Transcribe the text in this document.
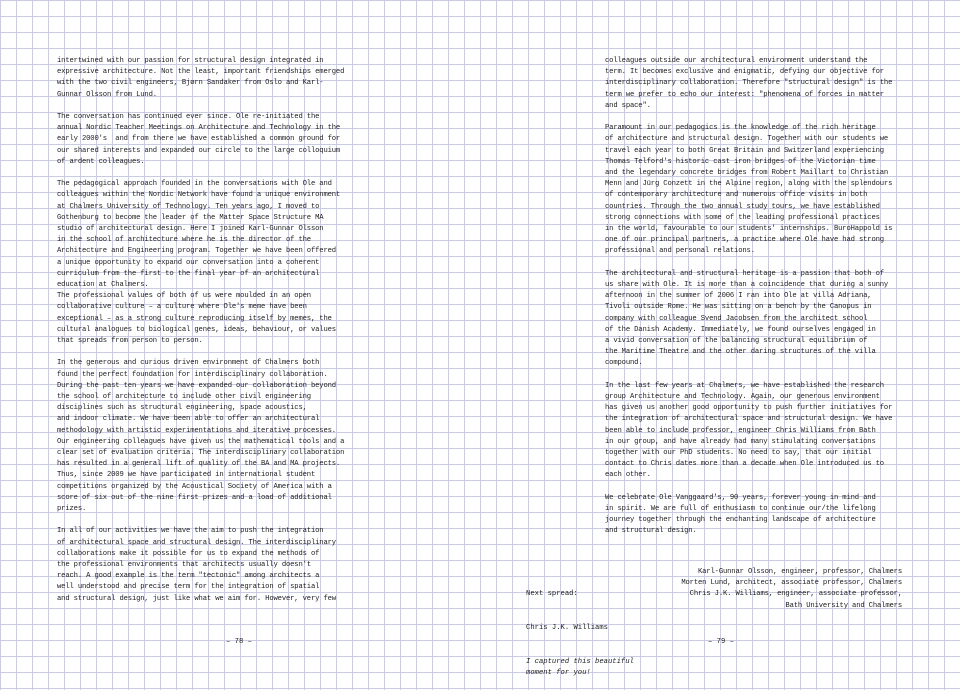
intertwined with our passion for structural design integrated in
expressive architecture. Not the least, important friendships emerged
with the two civil engineers, Bjørn Sandaker from Oslo and Karl-
Gunnar Olsson from Lund.

The conversation has continued ever since. Ole re-initiated the
annual Nordic Teacher Meetings on Architecture and Technology in the
early 2000's  and from there we have established a common ground for
our shared interests and expanded our circle to the large colloquium
of ardent colleagues.

The pedagogical approach founded in the conversations with Ole and
colleagues within the Nordic Network have found a unique environment
at Chalmers University of Technology. Ten years ago, I moved to
Gothenburg to become the leader of the Matter Space Structure MA
studio of architectural design. Here I joined Karl-Gunnar Olsson
in the school of architecture where he is the director of the
Architecture and Engineering program. Together we have been offered
a unique opportunity to expand our conversation into a coherent
curriculum from the first to the final year of an architectural
education at Chalmers.
The professional values of both of us were moulded in an open
collaborative culture – a culture where Ole's meme have been
exceptional – as a strong culture reproducing itself by memes, the
cultural analogues to biological genes, ideas, behaviour, or values
that spreads from person to person.

In the generous and curious driven environment of Chalmers both
found the perfect foundation for interdisciplinary collaboration.
During the past ten years we have expanded our collaboration beyond
the school of architecture to include other civil engineering
disciplines such as structural engineering, space acoustics,
and indoor climate. We have been able to offer an architectural
methodology with artistic experimentations and iterative processes.
Our engineering colleagues have given us the mathematical tools and a
clear set of evaluation criteria. The interdisciplinary collaboration
has resulted in a general lift of quality of the BA and MA projects.
Thus, since 2009 we have participated in international student
competitions organized by the Acoustical Society of America with a
score of six out of the nine first prizes and a load of additional
prizes.

In all of our activities we have the aim to push the integration
of architectural space and structural design. The interdisciplinary
collaborations make it possible for us to expand the methods of
the professional environments that architects usually doesn't
reach. A good example is the term "tectonic" among architects a
well understood and precise term for the integration of spatial
and structural design, just like what we aim for. However, very few

colleagues outside our architectural environment understand the
term. It becomes exclusive and enigmatic, defying our objective for
interdisciplinary collaboration. Therefore "structural design" is the
term we prefer to echo our interest: "phenomena of forces in matter
and space".

Paramount in our pedagogics is the knowledge of the rich heritage
of architecture and structural design. Together with our students we
travel each year to both Great Britain and Switzerland experiencing
Thomas Telford's historic cast iron bridges of the Victorian time
and the legendary concrete bridges from Robert Maillart to Christian
Menn and Jürg Conzett in the Alpine region, along with the splendours
of contemporary architecture and numerous office visits in both
countries. Through the two annual study tours, we have established
strong connections with some of the leading professional practices
in the world, favourable to our students' internships. BuroHappold is
one of our principal partners, a practice where Ole have had strong
professional and personal relations.

The architectural and structural heritage is a passion that both of
us share with Ole. It is more than a coincidence that during a sunny
afternoon in the summer of 2006 I ran into Ole at villa Adriana,
Tivoli outside Rome. He was sitting on a bench by the Canopus in
company with colleague Svend Jacobsen from the architect school
of the Danish Academy. Immediately, we found ourselves engaged in
a vivid conversation of the balancing structural equilibrium of
the Maritime Theatre and the other daring structures of the villa
compound.

In the last few years at Chalmers, we have established the research
group Architecture and Technology. Again, our generous environment
has given us another good opportunity to push further initiatives for
the integration of architectural space and structural design. We have
been able to include professor, engineer Chris Williams from Bath
in our group, and have already had many stimulating conversations
together with our PhD students. No need to say, that our initial
contact to Chris dates more than a decade when Ole introduced us to
each other.

We celebrate Ole Vanggaard's, 90 years, forever young in mind and
in spirit. We are full of enthusiasm to continue our/the lifelong
journey together through the enchanting landscape of architecture
and structural design.

Next spread:

Chris J.K. Williams

I captured this beautiful
moment for you!

Karl-Gunnar Olsson, engineer, professor, Chalmers
Morten Lund, architect, associate professor, Chalmers
Chris J.K. Williams, engineer, associate professor,
Bath University and Chalmers
– 78 –	– 79 –
